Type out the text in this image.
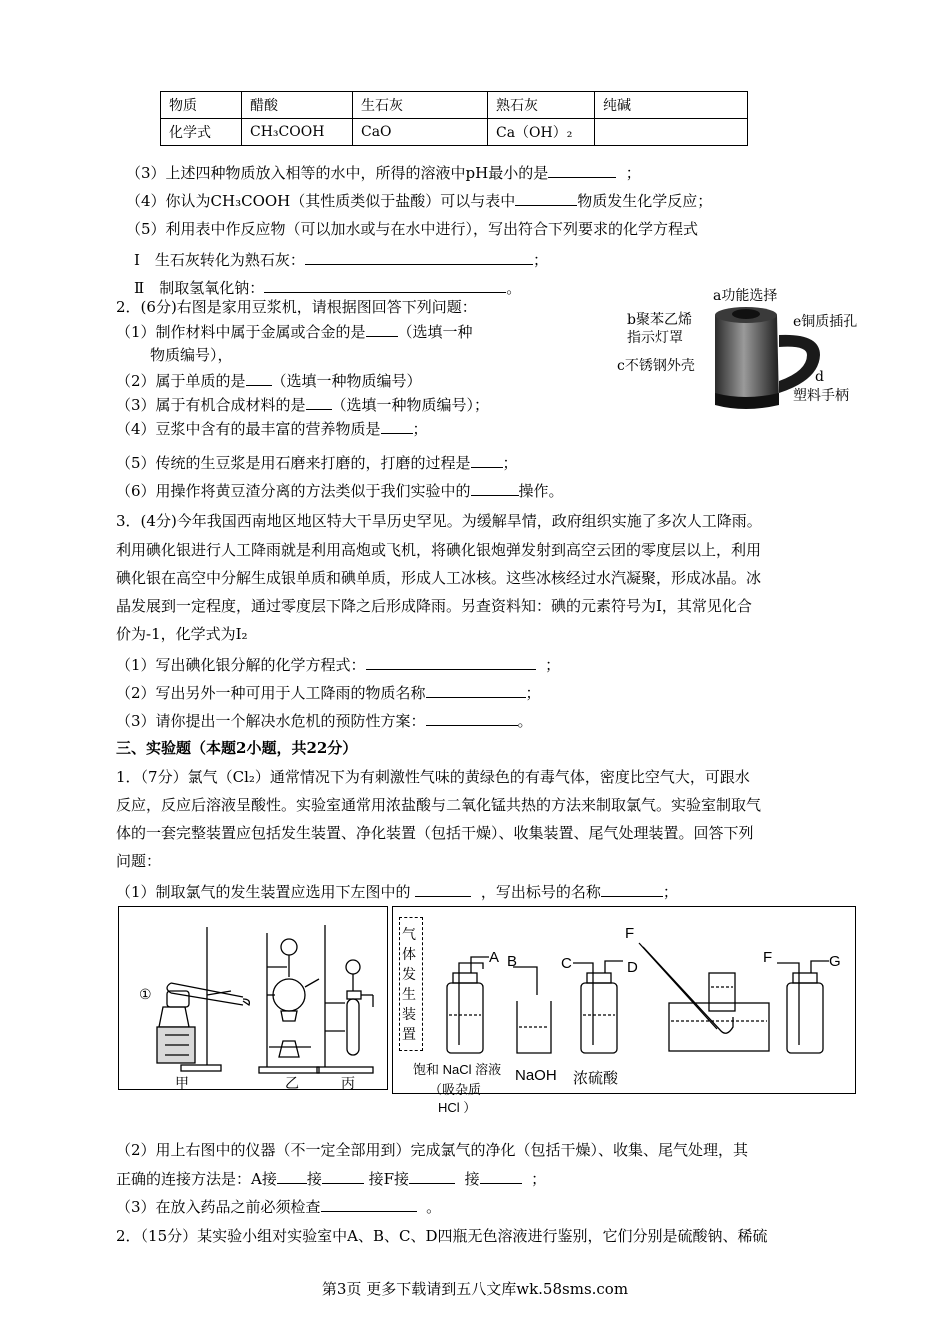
物质	醋酸	生石灰	熟石灰	纯碱
化学式	CH₃COOH	CaO	Ca（OH）₂	
（3）上述四种物质放入相等的水中，所得的溶液中pH最小的是	；
（4）你认为CH₃COOH（其性质类似于盐酸）可以与表中	物质发生化学反应；
（5）利用表中作反应物（可以加水或与在水中进行），写出符合下列要求的化学方程式
Ⅰ　生石灰转化为熟石灰：	；
Ⅱ　制取氢氧化钠：	。
2．(6分)右图是家用豆浆机，请根据图回答下列问题：
（1）制作材料中属于金属或合金的是 （选填一种
物质编号），
（2）属于单质的是 （选填一种物质编号）
（3）属于有机合成材料的是 （选填一种物质编号）；
（4）豆浆中含有的最丰富的营养物质是 ；
（5）传统的生豆浆是用石磨来打磨的，打磨的过程是 ；
（6）用操作将黄豆渣分离的方法类似于我们实验中的	操作。
a功能选择
b聚苯乙烯
指示灯罩
e铜质插孔
c不锈钢外壳
d
塑料手柄
3．(4分)今年我国西南地区地区特大干旱历史罕见。为缓解旱情，政府组织实施了多次人工降雨。
利用碘化银进行人工降雨就是利用高炮或飞机，将碘化银炮弹发射到高空云团的零度层以上，利用
碘化银在高空中分解生成银单质和碘单质，形成人工冰核。这些冰核经过水汽凝聚，形成冰晶。冰
晶发展到一定程度，通过零度层下降之后形成降雨。另查资料知：碘的元素符号为I，其常见化合
价为-1，化学式为I₂
（1）写出碘化银分解的化学方程式：	；
（2）写出另外一种可用于人工降雨的物质名称	；
（3）请你提出一个解决水危机的预防性方案：	。
三、实验题（本题2小题，共22分）
1．（7分）氯气（Cl₂）通常情况下为有刺激性气味的黄绿色的有毒气体，密度比空气大，可跟水
反应，反应后溶液呈酸性。实验室通常用浓盐酸与二氧化锰共热的方法来制取氯气。实验室制取气
体的一套完整装置应包括发生装置、净化装置（包括干燥）、收集装置、尾气处理装置。回答下列
问题：
（1）制取氯气的发生装置应选用下左图中的	，写出标号的名称	；
①
甲	乙	丙
气
体
发
生
装
置
A B	C	D
F
F	G
饱和 NaCl 溶液
（吸杂质
NaOH 浓硫酸
HCl ）
（2）用上右图中的仪器（不一定全部用到）完成氯气的净化（包括干燥）、收集、尾气处理，其
正确的连接方法是：A接 接	接F接	接	；
（3）在放入药品之前必须检查	。
2．（15分）某实验小组对实验室中A、B、C、D四瓶无色溶液进行鉴别，它们分别是硫酸钠、稀硫
第3页 更多下载请到五八文库wk.58sms.com
